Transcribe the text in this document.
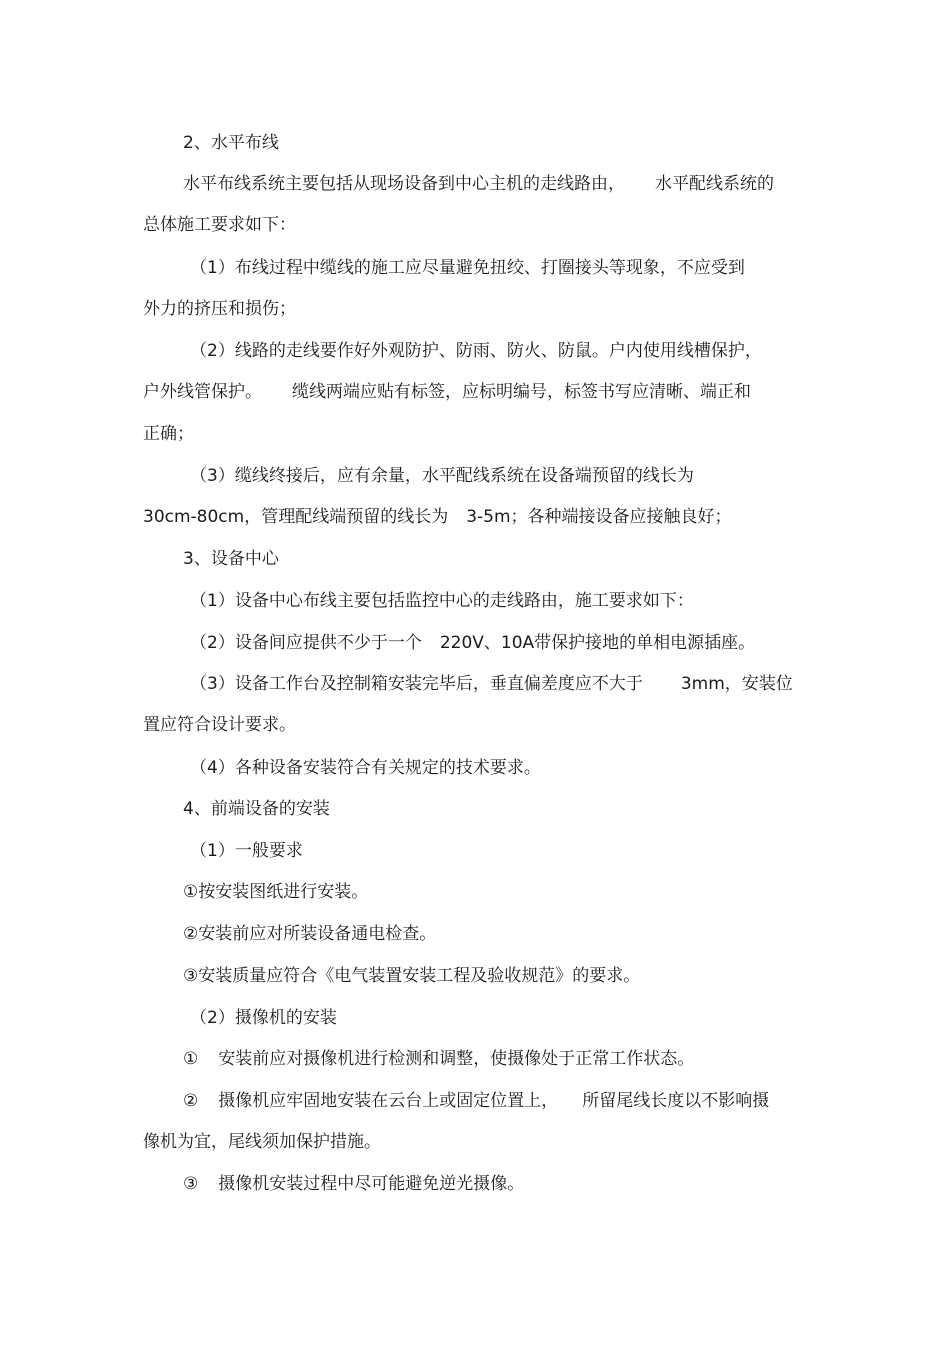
2、水平布线
水平布线系统主要包括从现场设备到中心主机的走线路由， 水平配线系统的
总体施工要求如下：
（1）布线过程中缆线的施工应尽量避免扭绞、打圈接头等现象，不应受到
外力的挤压和损伤；
（2）线路的走线要作好外观防护、防雨、防火、防鼠。户内使用线槽保护，
户外线管保护。 缆线两端应贴有标签，应标明编号，标签书写应清晰、端正和
正确；
（3）缆线终接后，应有余量，水平配线系统在设备端预留的线长为
30cm-80cm，管理配线端预留的线长为 3-5m；各种端接设备应接触良好；
3、设备中心
（1）设备中心布线主要包括监控中心的走线路由，施工要求如下：
（2）设备间应提供不少于一个 220V、10A带保护接地的单相电源插座。
（3）设备工作台及控制箱安装完毕后，垂直偏差度应不大于 3mm，安装位
置应符合设计要求。
（4）各种设备安装符合有关规定的技术要求。
4、前端设备的安装
（1）一般要求
①按安装图纸进行安装。
②安装前应对所装设备通电检查。
③安装质量应符合《电气装置安装工程及验收规范》的要求。
（2）摄像机的安装
① 安装前应对摄像机进行检测和调整，使摄像处于正常工作状态。
② 摄像机应牢固地安装在云台上或固定位置上， 所留尾线长度以不影响摄
像机为宜，尾线须加保护措施。
③ 摄像机安装过程中尽可能避免逆光摄像。
